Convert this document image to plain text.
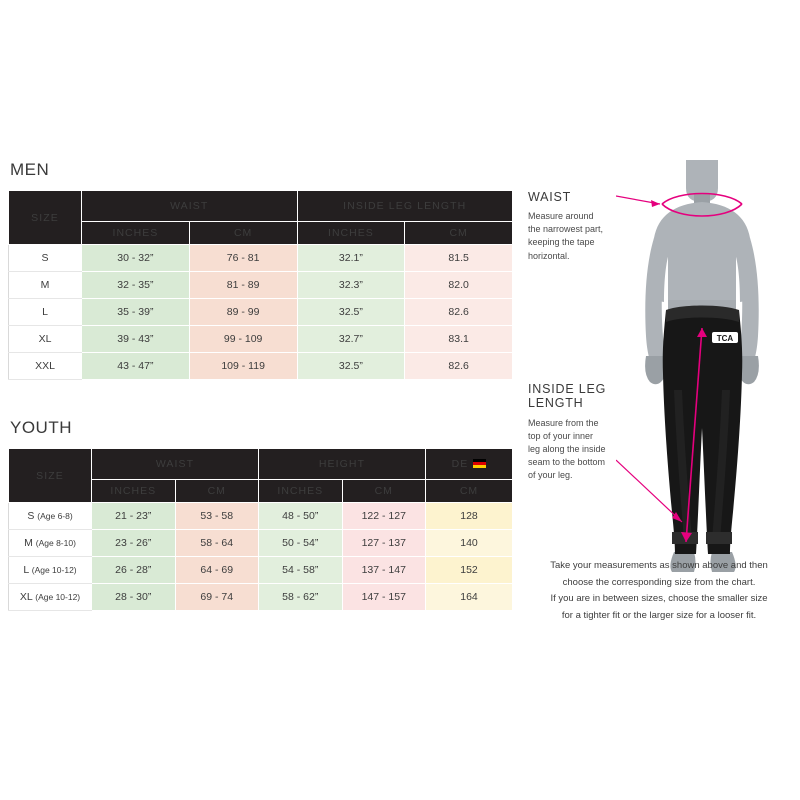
MEN
SIZE	WAIST		INSIDE LEG LENGTH	
	INCHES	CM	INCHES	CM
S	30 - 32”	76 - 81	32.1”	81.5
M	32 - 35”	81 - 89	32.3”	82.0
L	35 - 39”	89 - 99	32.5”	82.6
XL	39 - 43”	99 - 109	32.7”	83.1
XXL	43 - 47”	109 - 119	32.5”	82.6
YOUTH
SIZE	WAIST		HEIGHT		DE
	INCHES	CM	INCHES	CM	CM
S (Age 6-8)	21 - 23”	53 - 58	48 - 50”	122 - 127	128
M (Age 8-10)	23 - 26”	58 - 64	50 - 54”	127 - 137	140
L (Age 10-12)	26 - 28”	64 - 69	54 - 58”	137 - 147	152
XL (Age 10-12)	28 - 30”	69 - 74	58 - 62”	147 - 157	164

WAIST

Measure around the narrowest part, keeping the tape horizontal.

INSIDE LEG LENGTH

Measure from the top of your inner leg along the inside seam to the bottom of your leg.

TCA
Take your measurements as shown above and then
choose the corresponding size from the chart.
If you are in between sizes, choose the smaller size
for a tighter fit or the larger size for a looser fit.
